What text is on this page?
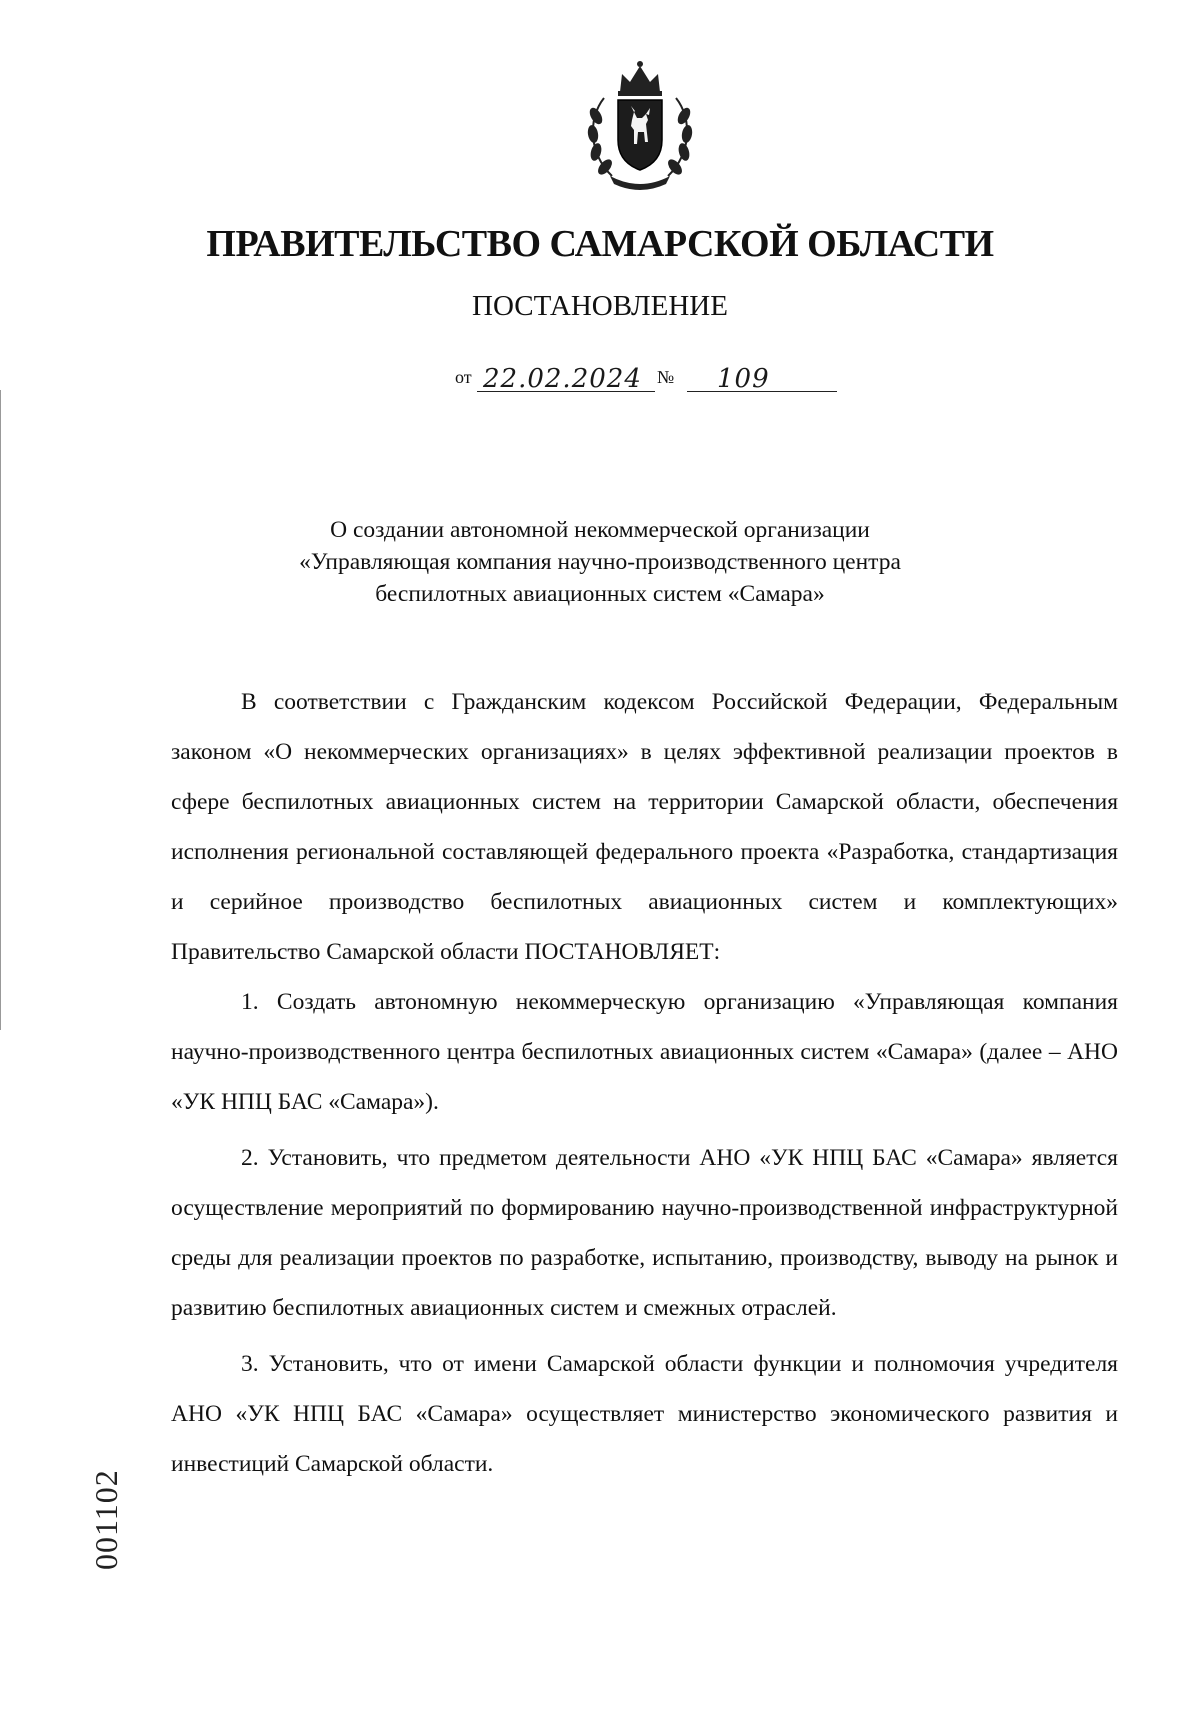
ПРАВИТЕЛЬСТВО САМАРСКОЙ ОБЛАСТИ
ПОСТАНОВЛЕНИЕ
от 22.02.2024 № 109
О создании автономной некоммерческой организации
«Управляющая компания научно-производственного центра
беспилотных авиационных систем «Самара»

В соответствии с Гражданским кодексом Российской Федерации, Федеральным законом «О некоммерческих организациях» в целях эффективной реализации проектов в сфере беспилотных авиационных систем на территории Самарской области, обеспечения исполнения региональной составляющей федерального проекта «Разработка, стандартизация и серийное производство беспилотных авиационных систем и комплектующих» Правительство Самарской области ПОСТАНОВЛЯЕТ:

1. Создать автономную некоммерческую организацию «Управляющая компания научно-производственного центра беспилотных авиационных систем «Самара» (далее – АНО «УК НПЦ БАС «Самара»).

2. Установить, что предметом деятельности АНО «УК НПЦ БАС «Самара» является осуществление мероприятий по формированию научно-производственной инфраструктурной среды для реализации проектов по разработке, испытанию, производству, выводу на рынок и развитию беспилотных авиационных систем и смежных отраслей.

3. Установить, что от имени Самарской области функции и полномочия учредителя АНО «УК НПЦ БАС «Самара» осуществляет министерство экономического развития и инвестиций Самарской области.

001102
